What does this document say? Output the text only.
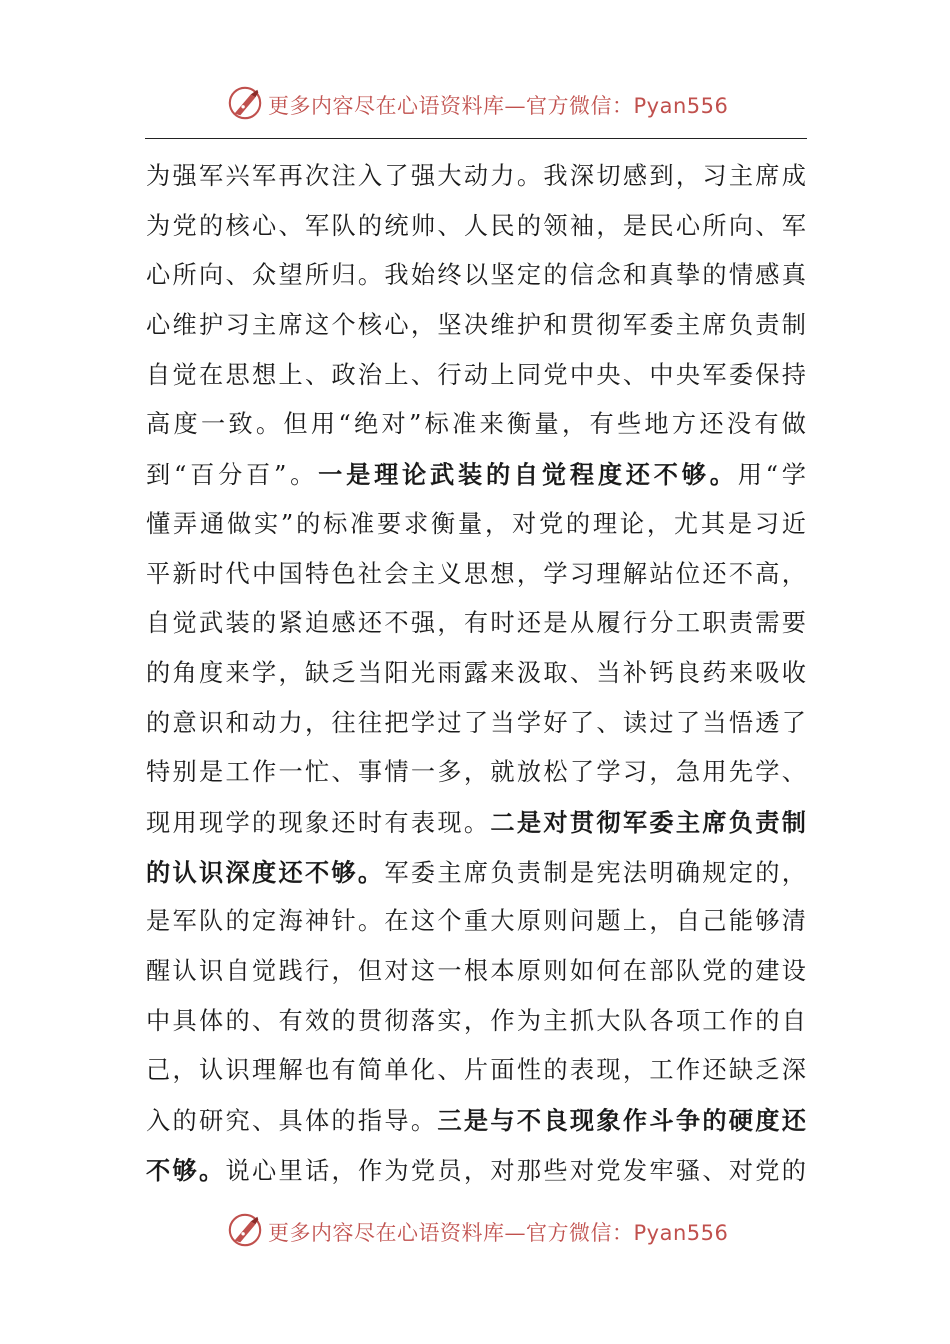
更多内容尽在心语资料库—官方微信：Pyan556
为强军兴军再次注入了强大动力。我深切感到，习主席成
为党的核心、军队的统帅、人民的领袖，是民心所向、军
心所向、众望所归。我始终以坚定的信念和真挚的情感真
心维护习主席这个核心，坚决维护和贯彻军委主席负责制
自觉在思想上、政治上、行动上同党中央、中央军委保持
高度一致。但用“绝对”标准来衡量，有些地方还没有做
到“百分百”。一是理论武装的自觉程度还不够。用“学
懂弄通做实”的标准要求衡量，对党的理论，尤其是习近
平新时代中国特色社会主义思想，学习理解站位还不高，
自觉武装的紧迫感还不强，有时还是从履行分工职责需要
的角度来学，缺乏当阳光雨露来汲取、当补钙良药来吸收
的意识和动力，往往把学过了当学好了、读过了当悟透了
特别是工作一忙、事情一多，就放松了学习，急用先学、
现用现学的现象还时有表现。二是对贯彻军委主席负责制
的认识深度还不够。军委主席负责制是宪法明确规定的，
是军队的定海神针。在这个重大原则问题上，自己能够清
醒认识自觉践行，但对这一根本原则如何在部队党的建设
中具体的、有效的贯彻落实，作为主抓大队各项工作的自
己，认识理解也有简单化、片面性的表现，工作还缺乏深
入的研究、具体的指导。三是与不良现象作斗争的硬度还
不够。说心里话，作为党员，对那些对党发牢骚、对党的
更多内容尽在心语资料库—官方微信：Pyan556
